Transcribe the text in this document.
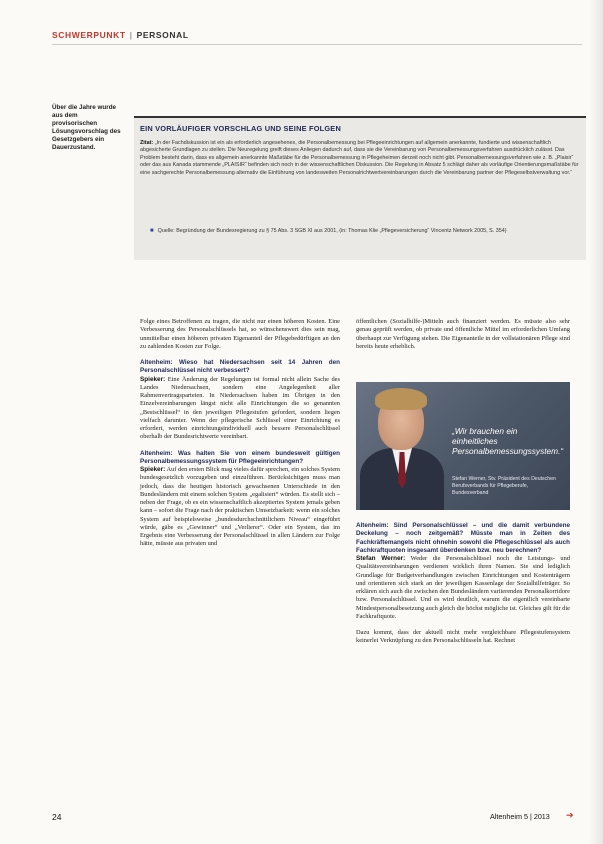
SCHWERPUNKT | PERSONAL
Über die Jahre wurde aus dem provisorischen Lösungsvorschlag des Gesetzgebers ein Dauerzustand.
EIN VORLÄUFIGER VORSCHLAG UND SEINE FOLGEN
Zitat: „In der Fachdiskussion ist ein als erforderlich angesehenes, die Personalbemessung bei Pflegeeinrichtungen auf allgemein anerkannte, fundierte und wissenschaftlich abgesicherte Grundlagen zu stellen. Die Neuregelung greift dieses Anliegen dadurch auf, dass sie die Vereinbarung von Personalbemessungsverfahren ausdrücklich zulässt. Das Problem besteht darin, dass es allgemein anerkannte Maßstäbe für die Personalbemessung in Pflegeheimen derzeit noch nicht gibt. Personalbemessungsverfahren wie z. B. „Plaisir“ oder das aus Kanada stammende „PLAISIR“ befinden sich noch in der wissenschaftlichen Diskussion. Die Regelung in Absatz 5 schlägt daher als vorläufige Orientierungsmaßstäbe für eine sachgerechte Personalbemessung alternativ die Einführung von landesweiten Personalrichtwertvereinbarungen durch die Vereinbarung partner der Pflegeselbstverwaltung vor.“
■ Quelle: Begründung der Bundesregierung zu § 75 Abs. 3 SGB XI aus 2001, (in: Thomas Klie „Pflegeversicherung“ Vincentz Network 2005, S. 354)

Folge eines Betroffenen zu tragen, die nicht nur einen höheren Kosten. Eine Verbesserung des Personalschlüssels hat, so wünschenswert dies sein mag, unmittelbar einen höheren privaten Eigenanteil der Pflegebedürftigen an den zu zahlenden Kosten zur Folge.

Altenheim: Wieso hat Niedersachsen seit 14 Jahren den Personalschlüssel nicht verbessert?

Spieker: Eine Änderung der Regelungen ist formal nicht allein Sache des Landes Niedersachsen, sondern eine Angelegenheit aller Rahmenvertragsparteien. In Niedersachsen haben im Übrigen in den Einzelvereinbarungen längst nicht alle Einrichtungen die so genannten „Bestschlüssel“ in den jeweiligen Pflegestufen gefordert, sondern liegen vielfach darunter. Wenn der pflegerische Schlüssel einer Einrichtung es erfordert, werden einrichtungsindividuell auch bessere Personalschlüssel oberhalb der Bundesrichtwerte vereinbart.

Altenheim: Was halten Sie von einem bundesweit gültigen Personalbemessungssystem für Pflegeeinrichtungen?

Spieker: Auf den ersten Blick mag vieles dafür sprechen, ein solches System bundesgesetzlich vorzugeben und einzuführen. Berücksichtigen muss man jedoch, dass die heutigen historisch gewachsenen Unterschiede in den Bundesländern mit einem solchen System „egalisiert“ würden. Es stellt sich – neben der Frage, ob es ein wissenschaftlich akzeptiertes System jemals geben kann – sofort die Frage nach der praktischen Umsetzbarkeit: wenn ein solches System auf beispielsweise „bundesdurchschnittlichem Niveau“ eingeführt würde, gäbe es „Gewinner“ und „Verlierer“. Oder ein System, das im Ergebnis eine Verbesserung der Personalschlüssel in allen Ländern zur Folge hätte, müsste aus privaten und

öffentlichen (Sozialhilfe-)Mitteln auch finanziert werden. Es müsste also sehr genau geprüft werden, ob private und öffentliche Mittel im erforderlichen Umfang überhaupt zur Verfügung stehen. Die Eigenanteile in der vollstationären Pflege sind bereits heute erheblich.

„Wir brauchen ein einheitliches Personalbemessungssystem.“
Stefan Werner, Stv. Präsident des Deutschen Berufsverbands für Pflegeberufe, Bundesverband
Altenheim: Sind Personalschlüssel – und die damit verbundene Deckelung – noch zeitgemäß? Müsste man in Zeiten des Fachkräftemangels nicht ohnehin sowohl die Pflegeschlüssel als auch Fachkraftquoten insgesamt überdenken bzw. neu berechnen?

Stefan Werner: Weder die Personalschlüssel noch die Leistungs- und Qualitätsvereinbarungen verdienen wirklich ihren Namen. Sie sind lediglich Grundlage für Budgetverhandlungen zwischen Einrichtungen und Kostenträgern und orientieren sich stark an der jeweiligen Kassenlage der Sozialhilfeträger. So erklären sich auch die zwischen den Bundesländern variierenden Personalkorridore bzw. Personalschlüssel. Und es wird deutlich, warum die eigentlich vereinbarte Mindestpersonalbesetzung auch gleich die höchst mögliche ist. Gleiches gilt für die Fachkraftquote.

Dazu kommt, dass der aktuell nicht mehr vergleichbare Pflegestufensystem keinerlei Verknüpfung zu den Personalschlüsseln hat. Rechnet

24	Altenheim 5 | 2013 ➔
